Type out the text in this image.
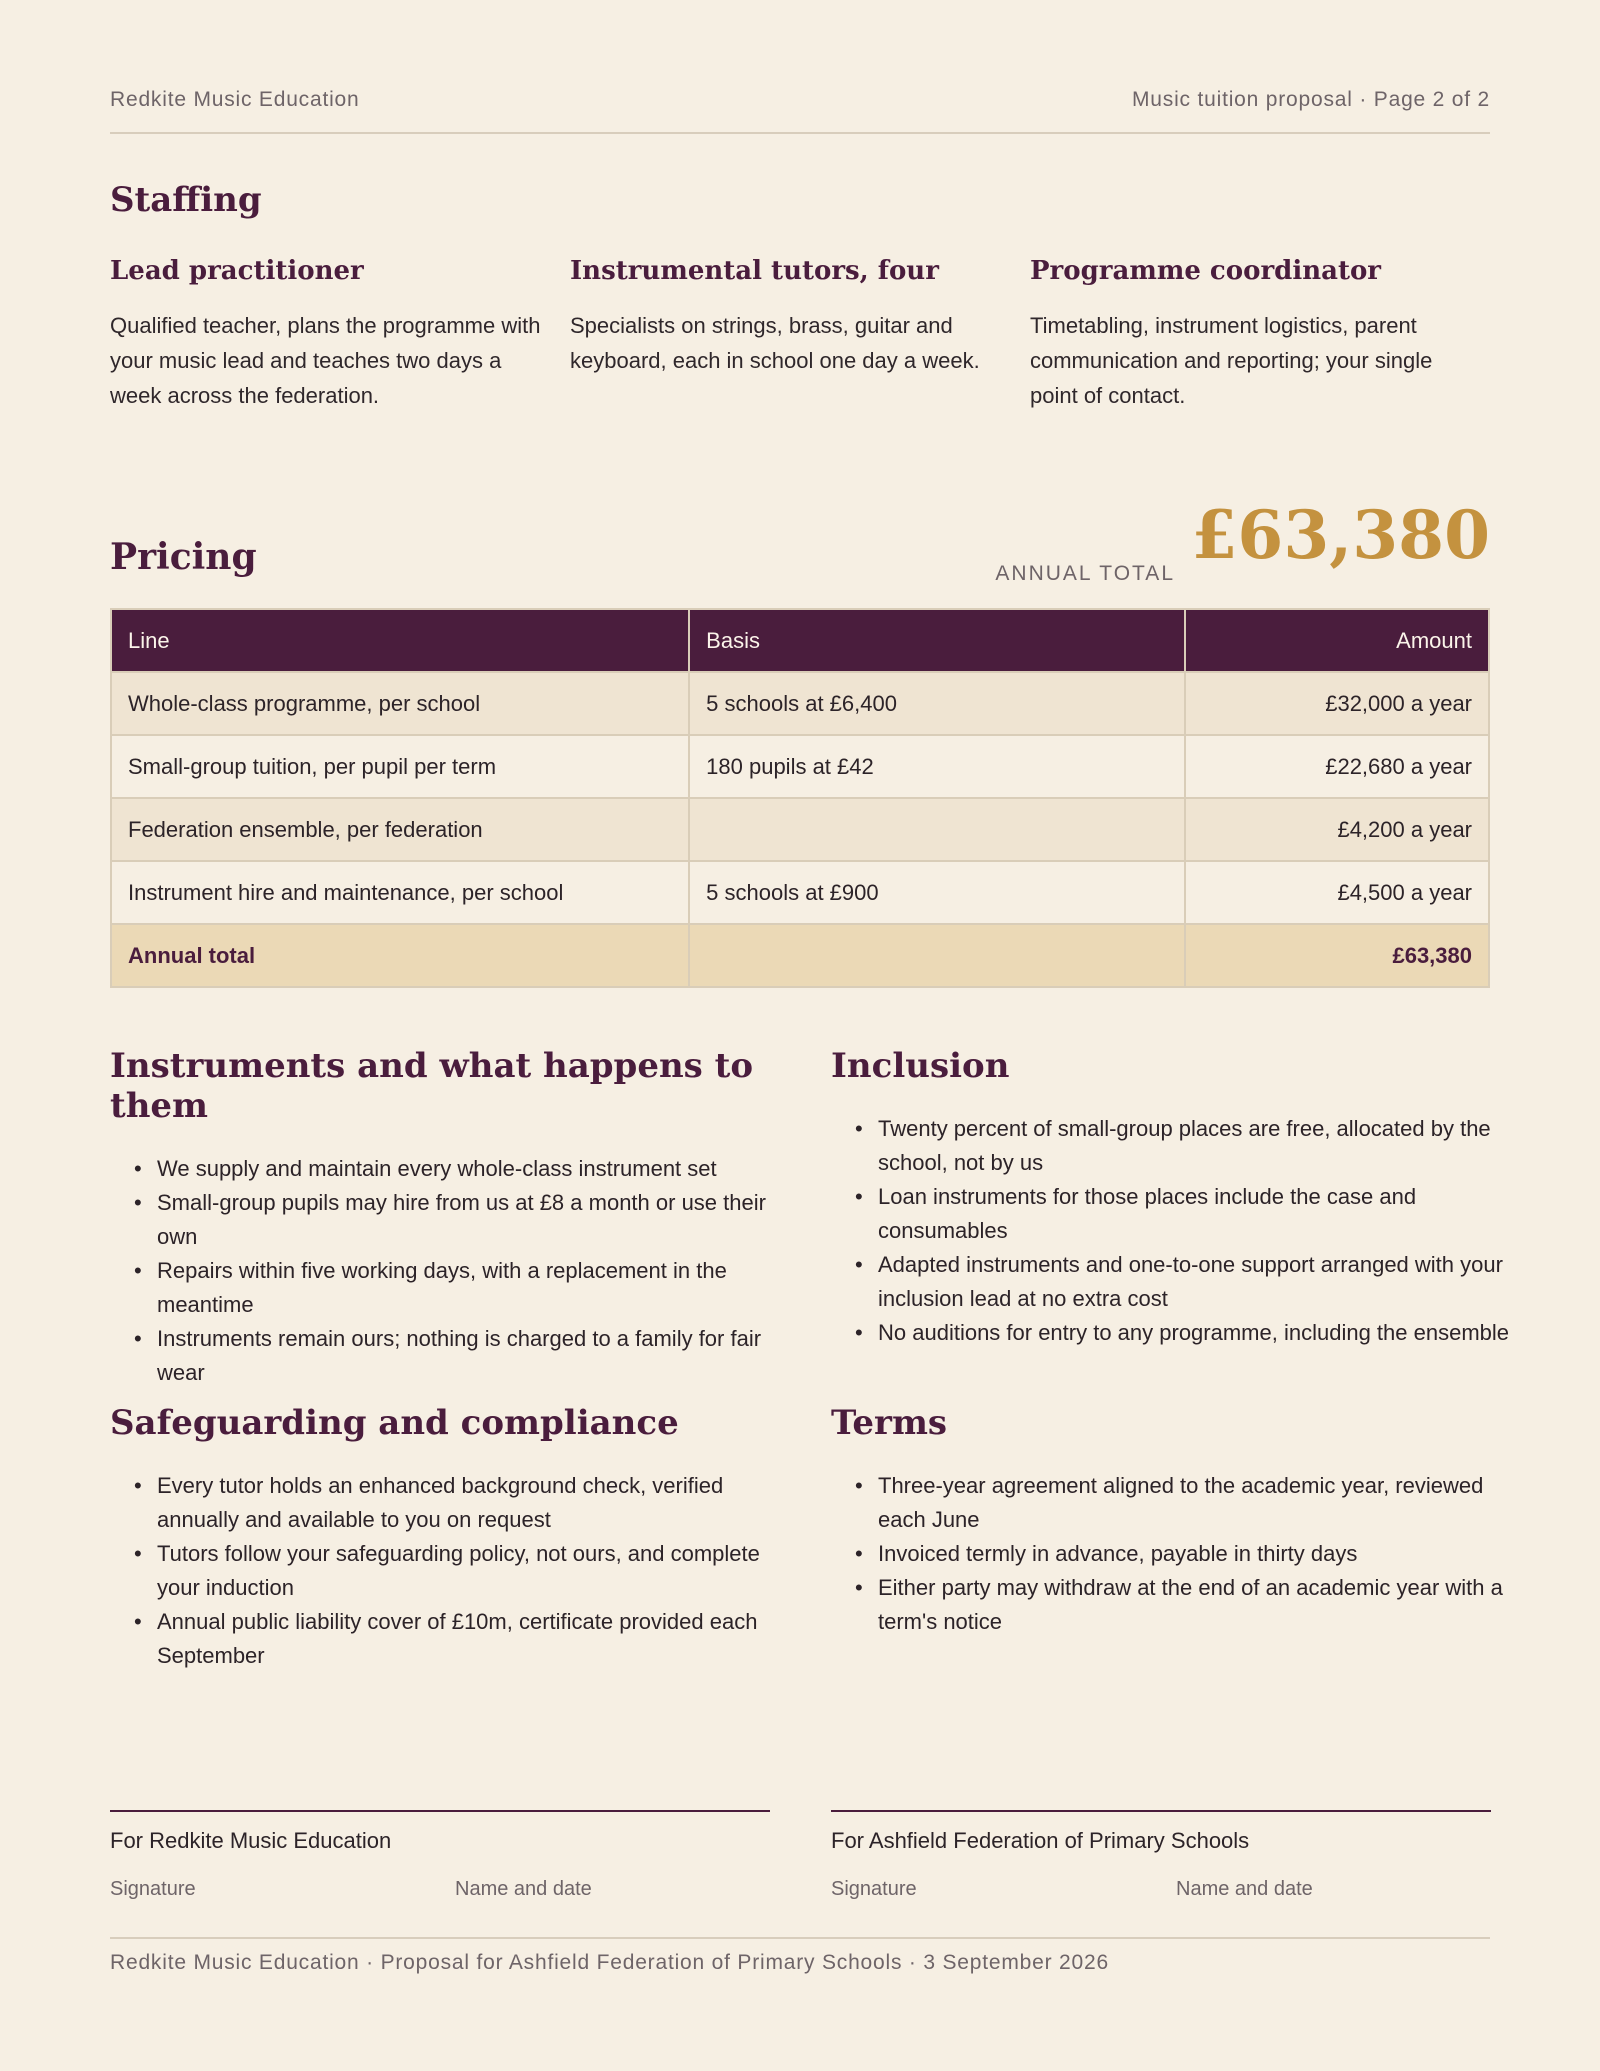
Redkite Music Education	Music tuition proposal · Page 2 of 2
Staffing
Lead practitioner

Qualified teacher, plans the programme with your music lead and teaches two days a week across the federation.

Instrumental tutors, four

Specialists on strings, brass, guitar and keyboard, each in school one day a week.

Programme coordinator

Timetabling, instrument logistics, parent communication and reporting; your single point of contact.

Pricing	ANNUAL TOTAL £63,380
Line	Basis	Amount
Whole-class programme, per school	5 schools at £6,400	£32,000 a year
Small-group tuition, per pupil per term	180 pupils at £42	£22,680 a year
Federation ensemble, per federation		£4,200 a year
Instrument hire and maintenance, per school	5 schools at £900	£4,500 a year
Annual total		£63,380
Instruments and what happens to them
• We supply and maintain every whole-class instrument set
• Small-group pupils may hire from us at £8 a month or use their own
• Repairs within five working days, with a replacement in the meantime
• Instruments remain ours; nothing is charged to a family for fair wear
Inclusion
• Twenty percent of small-group places are free, allocated by the school, not by us
• Loan instruments for those places include the case and consumables
• Adapted instruments and one-to-one support arranged with your inclusion lead at no extra cost
• No auditions for entry to any programme, including the ensemble
Safeguarding and compliance
• Every tutor holds an enhanced background check, verified annually and available to you on request
• Tutors follow your safeguarding policy, not ours, and complete your induction
• Annual public liability cover of £10m, certificate provided each September
Terms
• Three-year agreement aligned to the academic year, reviewed each June
• Invoiced termly in advance, payable in thirty days
• Either party may withdraw at the end of an academic year with a term's notice
For Redkite Music Education
Signature	Name and date
For Ashfield Federation of Primary Schools
Signature	Name and date
Redkite Music Education · Proposal for Ashfield Federation of Primary Schools · 3 September 2026
